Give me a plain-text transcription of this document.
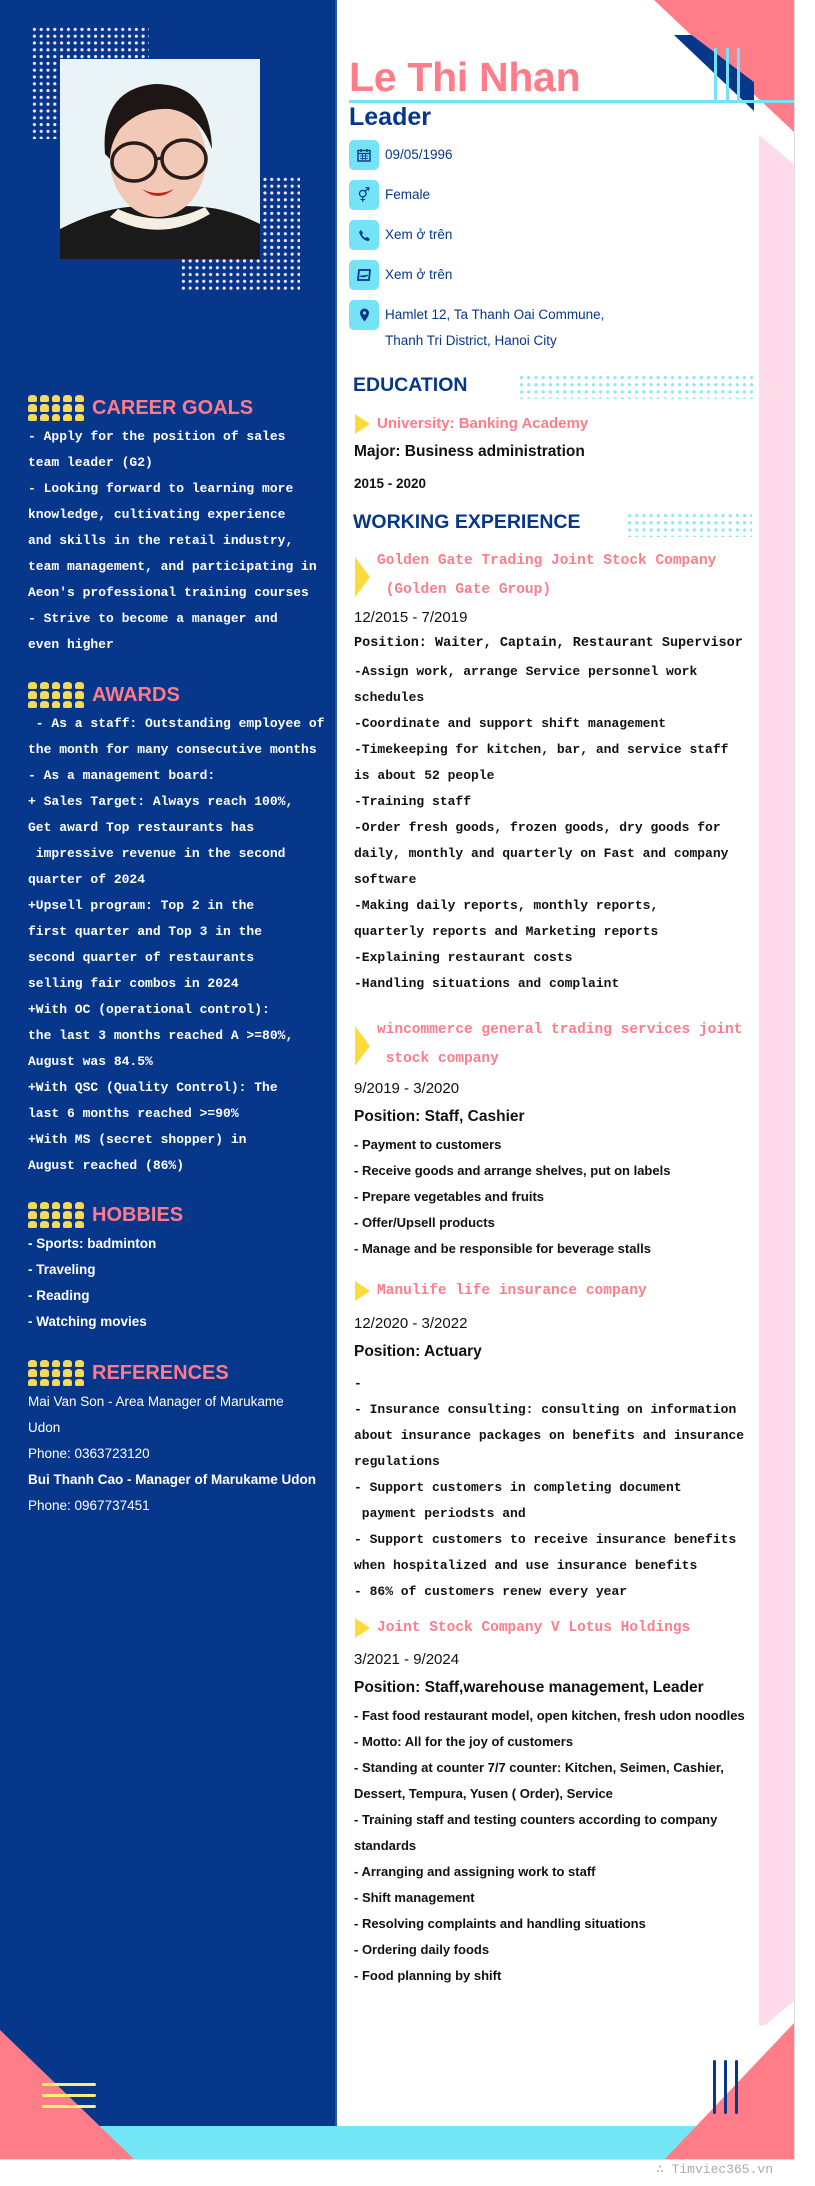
CAREER GOALS
- Apply for the position of sales
team leader (G2)
- Looking forward to learning more
knowledge, cultivating experience
and skills in the retail industry,
team management, and participating in
Aeon's professional training courses
- Strive to become a manager and
even higher
AWARDS
- As a staff: Outstanding employee of
the month for many consecutive months
- As a management board:
+ Sales Target: Always reach 100%,
Get award Top restaurants has
impressive revenue in the second
quarter of 2024
+Upsell program: Top 2 in the
first quarter and Top 3 in the
second quarter of restaurants
selling fair combos in 2024
+With OC (operational control):
the last 3 months reached A >=80%,
August was 84.5%
+With QSC (Quality Control): The
last 6 months reached >=90%
+With MS (secret shopper) in
August reached (86%)
HOBBIES
- Sports: badminton
- Traveling
- Reading
- Watching movies
REFERENCES
Mai Van Son - Area Manager of Marukame
Udon
Phone: 0363723120
Bui Thanh Cao - Manager of Marukame Udon
Phone: 0967737451
Le Thi Nhan
Leader
09/05/1996
⚥	Female
Xem ở trên
Xem ở trên
Hamlet 12, Ta Thanh Oai Commune,
Thanh Tri District, Hanoi City
EDUCATION
University: Banking Academy
Major: Business administration
2015 - 2020
WORKING EXPERIENCE
Golden Gate Trading Joint Stock Company
(Golden Gate Group)
12/2015 - 7/2019
Position: Waiter, Captain, Restaurant Supervisor
-Assign work, arrange Service personnel work
schedules
-Coordinate and support shift management
-Timekeeping for kitchen, bar, and service staff
is about 52 people
-Training staff
-Order fresh goods, frozen goods, dry goods for
daily, monthly and quarterly on Fast and company
software
-Making daily reports, monthly reports,
quarterly reports and Marketing reports
-Explaining restaurant costs
-Handling situations and complaint
wincommerce general trading services joint
stock company
9/2019 - 3/2020
Position: Staff, Cashier
- Payment to customers
- Receive goods and arrange shelves, put on labels
- Prepare vegetables and fruits
- Offer/Upsell products
- Manage and be responsible for beverage stalls
Manulife life insurance company
12/2020 - 3/2022
Position: Actuary
-
- Insurance consulting: consulting on information
about insurance packages on benefits and insurance
regulations
- Support customers in completing document
payment periodsts and
- Support customers to receive insurance benefits
when hospitalized and use insurance benefits
- 86% of customers renew every year
Joint Stock Company V Lotus Holdings
3/2021 - 9/2024
Position: Staff,warehouse management, Leader
- Fast food restaurant model, open kitchen, fresh udon noodles
- Motto: All for the joy of customers
- Standing at counter 7/7 counter: Kitchen, Seimen, Cashier,
Dessert, Tempura, Yusen ( Order), Service
- Training staff and testing counters according to company
standards
- Arranging and assigning work to staff
- Shift management
- Resolving complaints and handling situations
- Ordering daily foods
- Food planning by shift
∴ Timviec365.vn
